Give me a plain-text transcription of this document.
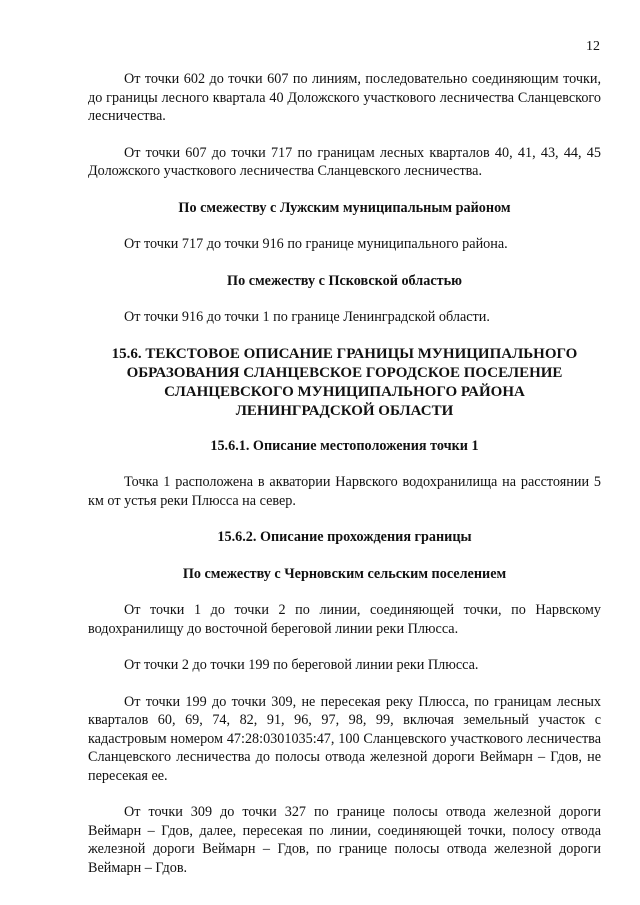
12

От точки 602 до точки 607 по линиям, последовательно соединяющим точки, до границы лесного квартала 40 Доложского участкового лесничества Сланцевского лесничества.

От точки 607 до точки 717 по границам лесных кварталов 40, 41, 43, 44, 45 Доложского участкового лесничества Сланцевского лесничества.

По смежеству с Лужским муниципальным районом

От точки 717 до точки 916 по границе муниципального района.

По смежеству с Псковской областью

От точки 916 до точки 1 по границе Ленинградской области.

15.6. ТЕКСТОВОЕ ОПИСАНИЕ ГРАНИЦЫ МУНИЦИПАЛЬНОГО
ОБРАЗОВАНИЯ СЛАНЦЕВСКОЕ ГОРОДСКОЕ ПОСЕЛЕНИЕ
СЛАНЦЕВСКОГО МУНИЦИПАЛЬНОГО РАЙОНА
ЛЕНИНГРАДСКОЙ ОБЛАСТИ

15.6.1. Описание местоположения точки 1

Точка 1 расположена в акватории Нарвского водохранилища на расстоянии 5 км от устья реки Плюсса на север.

15.6.2. Описание прохождения границы

По смежеству с Черновским сельским поселением

От точки 1 до точки 2 по линии, соединяющей точки, по Нарвскому водохранилищу до восточной береговой линии реки Плюсса.

От точки 2 до точки 199 по береговой линии реки Плюсса.

От точки 199 до точки 309, не пересекая реку Плюсса, по границам лесных кварталов 60, 69, 74, 82, 91, 96, 97, 98, 99, включая земельный участок с кадастровым номером 47:28:0301035:47, 100 Сланцевского участкового лесничества Сланцевского лесничества до полосы отвода железной дороги Веймарн – Гдов, не пересекая ее.

От точки 309 до точки 327 по границе полосы отвода железной дороги Веймарн – Гдов, далее, пересекая по линии, соединяющей точки, полосу отвода железной дороги Веймарн – Гдов, по границе полосы отвода железной дороги Веймарн – Гдов.
